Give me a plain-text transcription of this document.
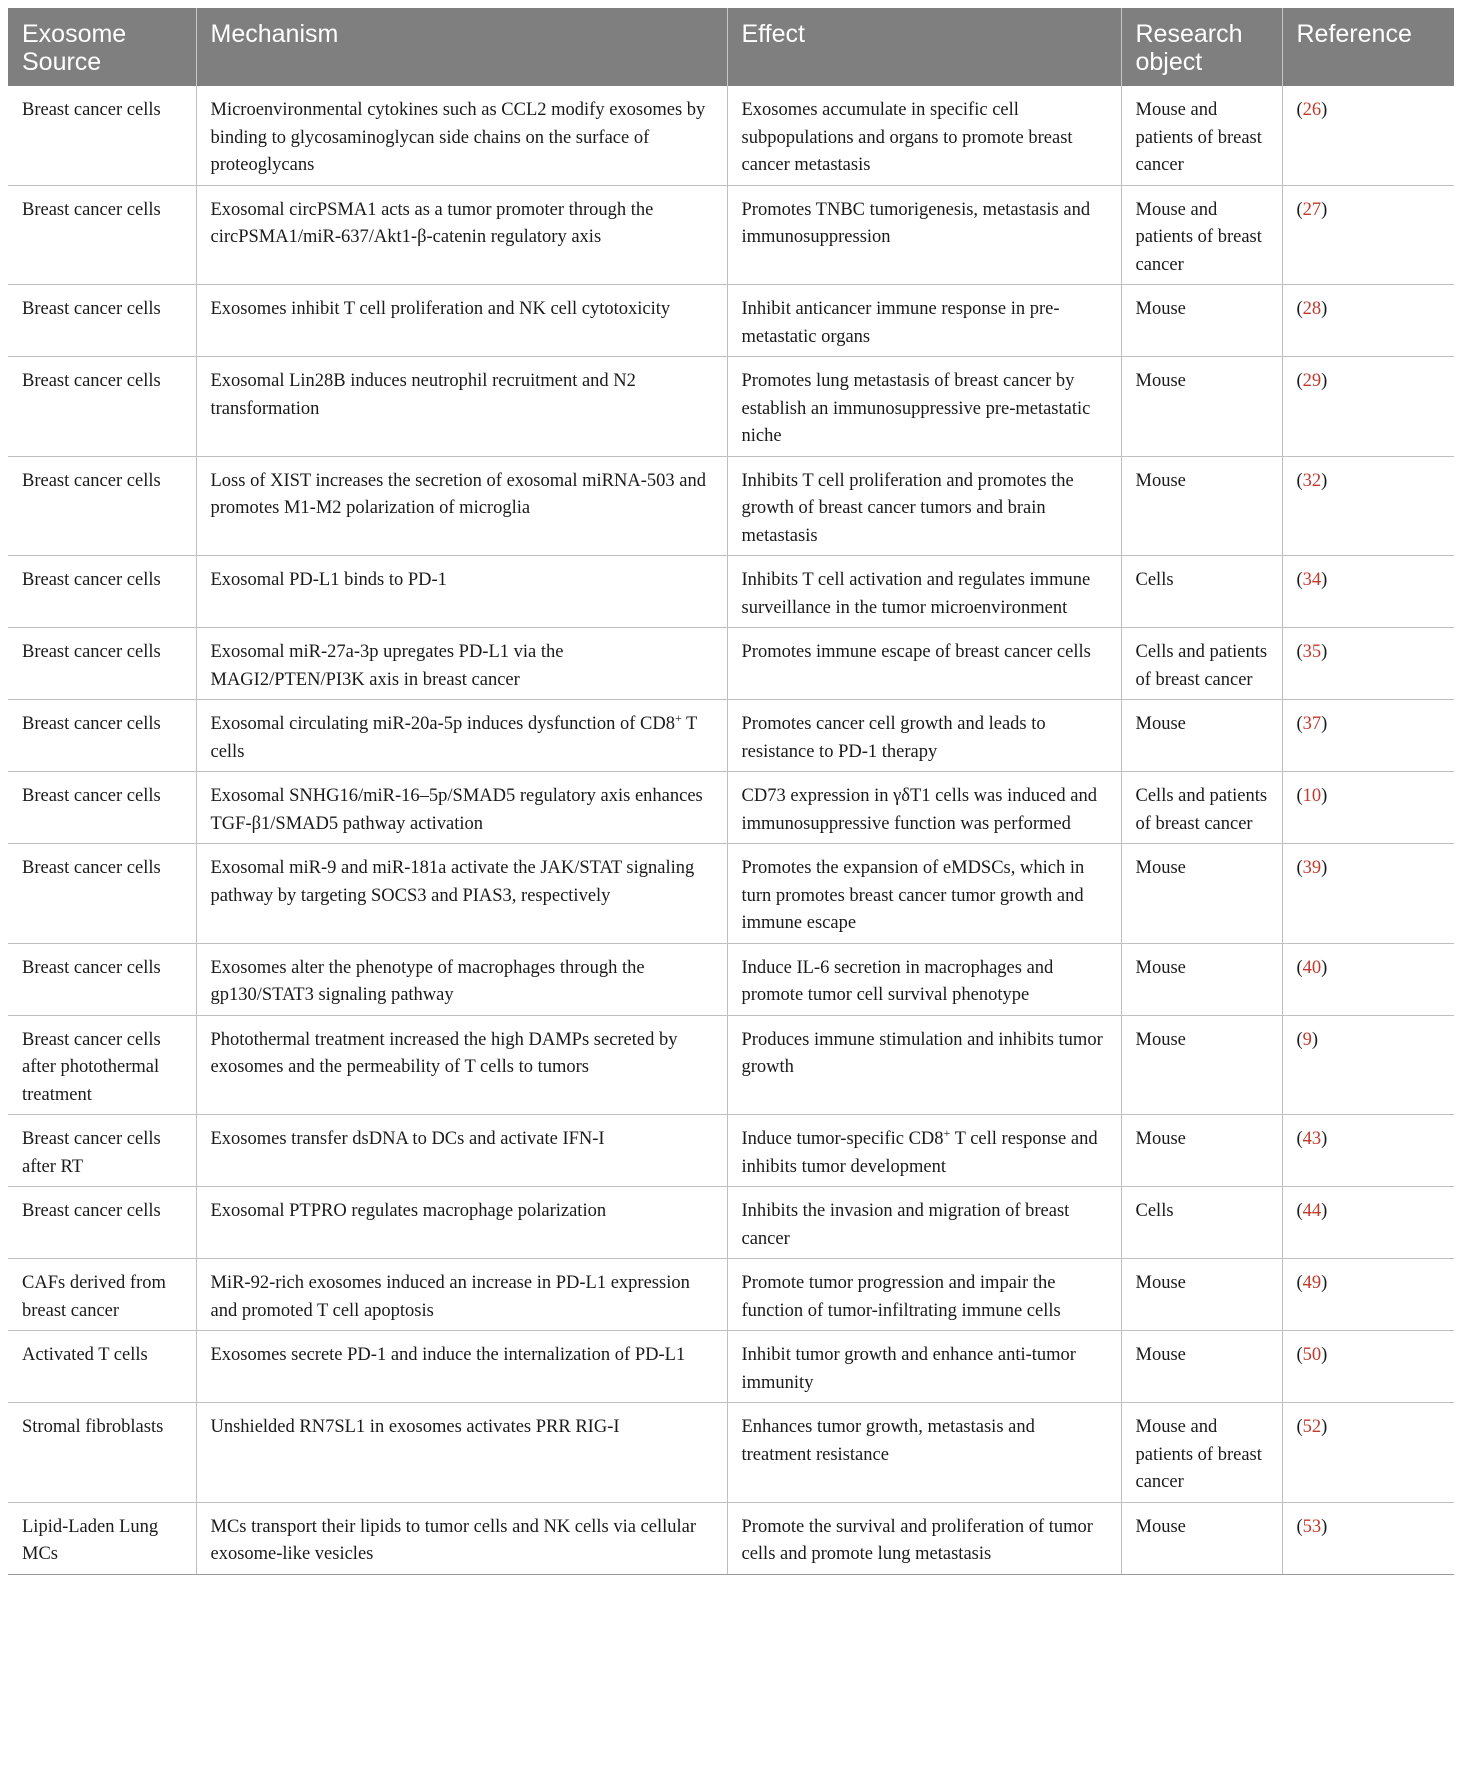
Exosome Source	Mechanism	Effect	Research object	Reference
Breast cancer cells	Microenvironmental cytokines such as CCL2 modify exosomes by binding to glycosaminoglycan side chains on the surface of proteoglycans	Exosomes accumulate in specific cell subpopulations and organs to promote breast cancer metastasis	Mouse and patients of breast cancer	(26)
Breast cancer cells	Exosomal circPSMA1 acts as a tumor promoter through the circPSMA1/miR-637/Akt1-β-catenin regulatory axis	Promotes TNBC tumorigenesis, metastasis and immunosuppression	Mouse and patients of breast cancer	(27)
Breast cancer cells	Exosomes inhibit T cell proliferation and NK cell cytotoxicity	Inhibit anticancer immune response in pre-metastatic organs	Mouse	(28)
Breast cancer cells	Exosomal Lin28B induces neutrophil recruitment and N2 transformation	Promotes lung metastasis of breast cancer by establish an immunosuppressive pre-metastatic niche	Mouse	(29)
Breast cancer cells	Loss of XIST increases the secretion of exosomal miRNA-503 and promotes M1-M2 polarization of microglia	Inhibits T cell proliferation and promotes the growth of breast cancer tumors and brain metastasis	Mouse	(32)
Breast cancer cells	Exosomal PD-L1 binds to PD-1	Inhibits T cell activation and regulates immune surveillance in the tumor microenvironment	Cells	(34)
Breast cancer cells	Exosomal miR-27a-3p upregates PD-L1 via the MAGI2/PTEN/PI3K axis in breast cancer	Promotes immune escape of breast cancer cells	Cells and patients of breast cancer	(35)
Breast cancer cells	Exosomal circulating miR-20a-5p induces dysfunction of CD8+ T cells	Promotes cancer cell growth and leads to resistance to PD-1 therapy	Mouse	(37)
Breast cancer cells	Exosomal SNHG16/miR-16–5p/SMAD5 regulatory axis enhances TGF-β1/SMAD5 pathway activation	CD73 expression in γδT1 cells was induced and immunosuppressive function was performed	Cells and patients of breast cancer	(10)
Breast cancer cells	Exosomal miR-9 and miR-181a activate the JAK/STAT signaling pathway by targeting SOCS3 and PIAS3, respectively	Promotes the expansion of eMDSCs, which in turn promotes breast cancer tumor growth and immune escape	Mouse	(39)
Breast cancer cells	Exosomes alter the phenotype of macrophages through the gp130/STAT3 signaling pathway	Induce IL-6 secretion in macrophages and promote tumor cell survival phenotype	Mouse	(40)
Breast cancer cells after photothermal treatment	Photothermal treatment increased the high DAMPs secreted by exosomes and the permeability of T cells to tumors	Produces immune stimulation and inhibits tumor growth	Mouse	(9)
Breast cancer cells after RT	Exosomes transfer dsDNA to DCs and activate IFN-I	Induce tumor-specific CD8+ T cell response and inhibits tumor development	Mouse	(43)
Breast cancer cells	Exosomal PTPRO regulates macrophage polarization	Inhibits the invasion and migration of breast cancer	Cells	(44)
CAFs derived from breast cancer	MiR-92-rich exosomes induced an increase in PD-L1 expression and promoted T cell apoptosis	Promote tumor progression and impair the function of tumor-infiltrating immune cells	Mouse	(49)
Activated T cells	Exosomes secrete PD-1 and induce the internalization of PD-L1	Inhibit tumor growth and enhance anti-tumor immunity	Mouse	(50)
Stromal fibroblasts	Unshielded RN7SL1 in exosomes activates PRR RIG-I	Enhances tumor growth, metastasis and treatment resistance	Mouse and patients of breast cancer	(52)
Lipid-Laden Lung MCs	MCs transport their lipids to tumor cells and NK cells via cellular exosome-like vesicles	Promote the survival and proliferation of tumor cells and promote lung metastasis	Mouse	(53)
